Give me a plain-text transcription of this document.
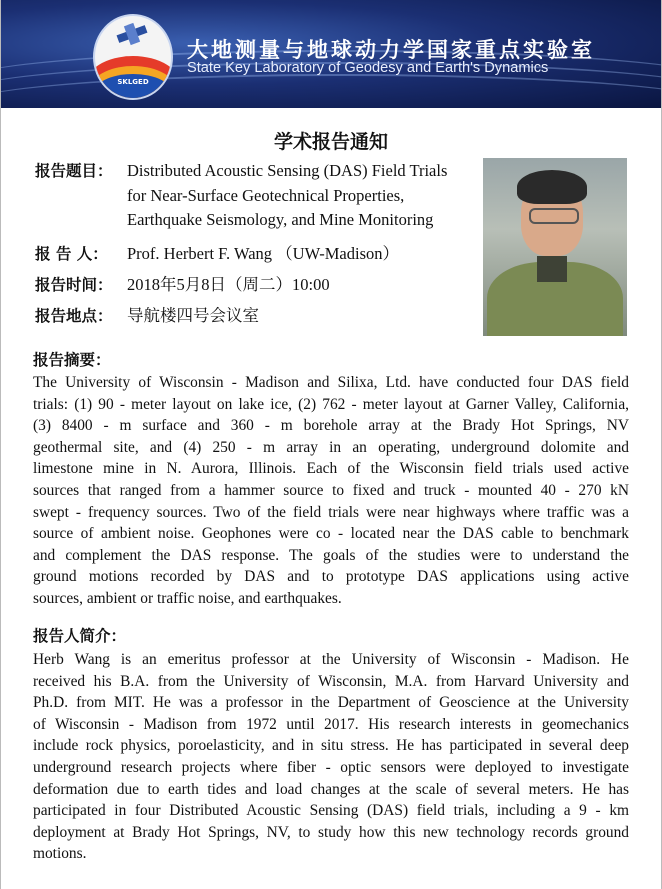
SKLGED
大地测量与地球动力学国家重点实验室
State Key Laboratory of Geodesy and Earth's Dynamics
学术报告通知
报告题目： Distributed Acoustic Sensing (DAS) Field Trials
for Near-Surface Geotechnical Properties,
Earthquake Seismology, and Mine Monitoring
报 告 人：	Prof. Herbert F. Wang （UW-Madison）
报告时间： 2018年5月8日（周二）10:00
报告地点： 导航楼四号会议室
报告摘要：
The University of Wisconsin - Madison and Silixa, Ltd. have conducted four DAS field
trials: (1) 90 - meter layout on lake ice, (2) 762 - meter layout at Garner Valley, California,
(3) 8400 - m surface and 360 - m borehole array at the Brady Hot Springs, NV
geothermal site, and (4) 250 - m array in an operating, underground dolomite and
limestone mine in N. Aurora, Illinois. Each of the Wisconsin field trials used active
sources that ranged from a hammer source to fixed and truck - mounted 40 - 270 kN
swept - frequency sources. Two of the field trials were near highways where traffic was a
source of ambient noise. Geophones were co - located near the DAS cable to benchmark
and complement the DAS response. The goals of the studies were to understand the
ground motions recorded by DAS and to prototype DAS applications using active
sources, ambient or traffic noise, and earthquakes.
报告人简介：
Herb Wang is an emeritus professor at the University of Wisconsin - Madison. He
received his B.A. from the University of Wisconsin, M.A. from Harvard University and
Ph.D. from MIT. He was a professor in the Department of Geoscience at the University
of Wisconsin - Madison from 1972 until 2017. His research interests in geomechanics
include rock physics, poroelasticity, and in situ stress. He has participated in several deep
underground research projects where fiber - optic sensors were deployed to investigate
deformation due to earth tides and load changes at the scale of several meters. He has
participated in four Distributed Acoustic Sensing (DAS) field trials, including a 9 - km
deployment at Brady Hot Springs, NV, to study how this new technology records ground
motions.
